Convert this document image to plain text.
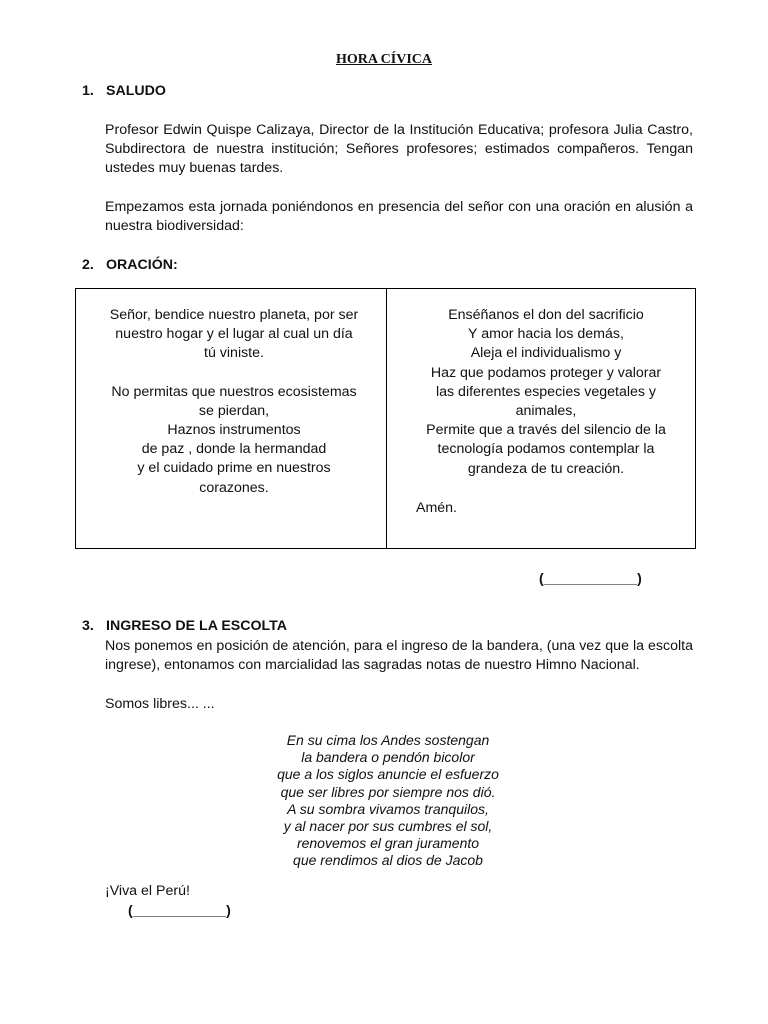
HORA CÍVICA
1. SALUDO
Profesor Edwin Quispe Calizaya, Director de la Institución Educativa; profesora Julia Castro, Subdirectora de nuestra institución; Señores profesores; estimados compañeros. Tengan ustedes muy buenas tardes.
Empezamos esta jornada poniéndonos en presencia del señor con una oración en alusión a nuestra biodiversidad:
2. ORACIÓN:
Señor, bendice nuestro planeta, por ser
nuestro hogar y el lugar al cual un día
tú viniste.
No permitas que nuestros ecosistemas
se pierdan,
Haznos instrumentos
de paz , donde la hermandad
y el cuidado prime en nuestros
corazones.
Enséñanos el don del sacrificio
Y amor hacia los demás,
Aleja el individualismo y
Haz que podamos proteger y valorar
las diferentes especies vegetales y
animales,
Permite que a través del silencio de la
tecnología podamos contemplar la
grandeza de tu creación.
Amén.
(____________)
3. INGRESO DE LA ESCOLTA
Nos ponemos en posición de atención, para el ingreso de la bandera, (una vez que la escolta ingrese), entonamos con marcialidad las sagradas notas de nuestro Himno Nacional.
Somos libres... ...
En su cima los Andes sostengan
la bandera o pendón bicolor
que a los siglos anuncie el esfuerzo
que ser libres por siempre nos dió.
A su sombra vivamos tranquilos,
y al nacer por sus cumbres el sol,
renovemos el gran juramento
que rendimos al dios de Jacob
¡Viva el Perú!
(____________)
